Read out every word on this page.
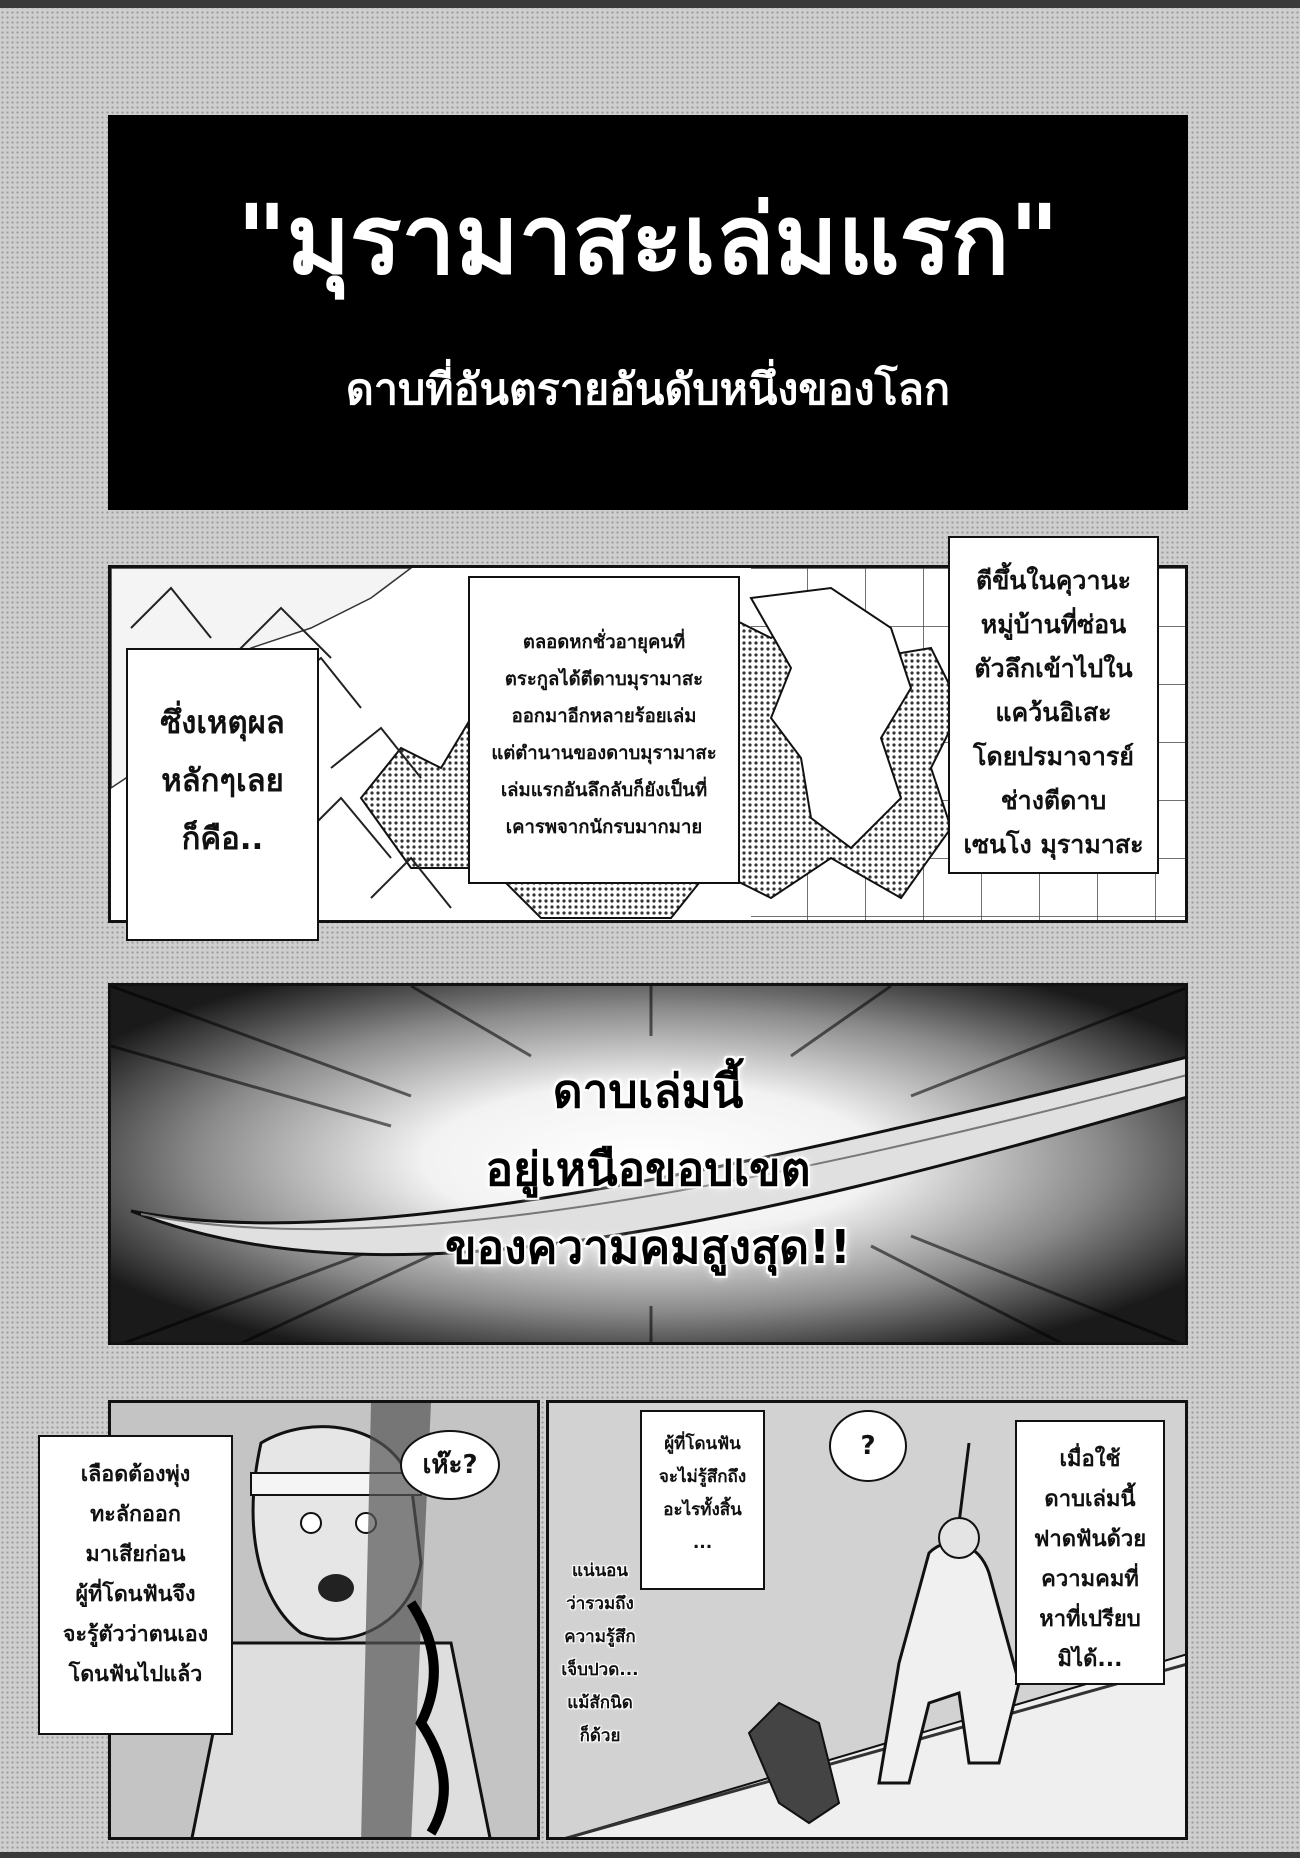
"มุรามาสะเล่มแรก"
ดาบที่อันตรายอันดับหนึ่งของโลก
ซึ่งเหตุผล
หลักๆเลย
ก็คือ..
ตลอดหกชั่วอายุคนที่
ตระกูลได้ตีดาบมุรามาสะ
ออกมาอีกหลายร้อยเล่ม
แต่ตำนานของดาบมุรามาสะ
เล่มแรกอันลึกลับก็ยังเป็นที่
เคารพจากนักรบมากมาย
ตีขึ้นในคุวานะ
หมู่บ้านที่ซ่อน
ตัวลึกเข้าไปใน
แคว้นอิเสะ
โดยปรมาจารย์
ช่างตีดาบ
เซนโง มุรามาสะ
ดาบเล่มนี้
อยู่เหนือขอบเขต
ของความคมสูงสุด!!
เลือดต้องพุ่ง
ทะลักออก
มาเสียก่อน
ผู้ที่โดนฟันจึง
จะรู้ตัวว่าตนเอง
โดนฟันไปแล้ว
เห๊ะ?
?
ผู้ที่โดนฟัน
จะไม่รู้สึกถึง
อะไรทั้งสิ้น
...
แน่นอน
ว่ารวมถึง
ความรู้สึก
เจ็บปวด...
แม้สักนิด
ก็ด้วย
เมื่อใช้
ดาบเล่มนี้
ฟาดฟันด้วย
ความคมที่
หาที่เปรียบ
มิได้...
